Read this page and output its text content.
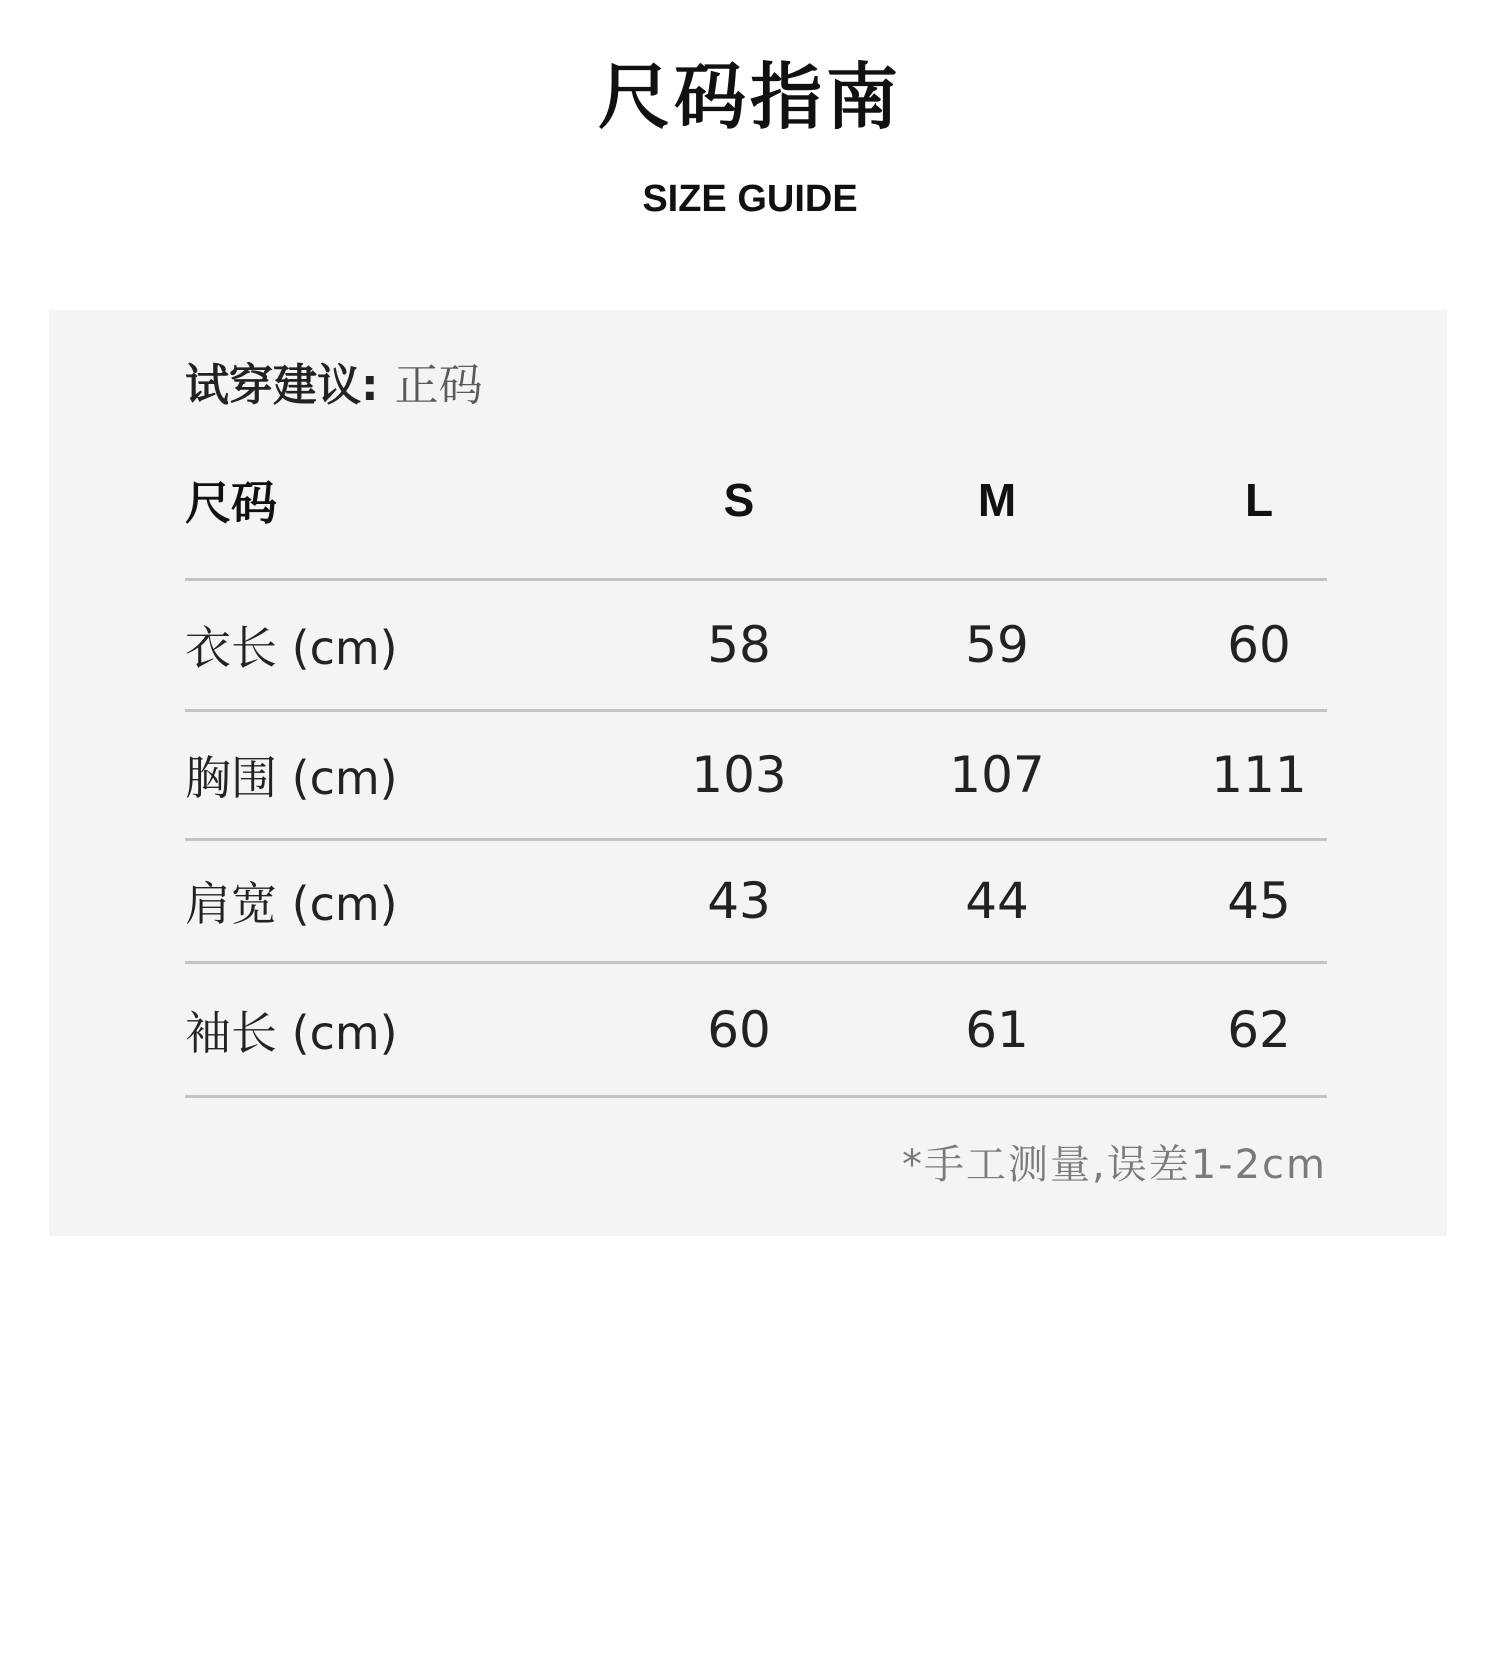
尺码指南
SIZE GUIDE
试穿建议: 正码
尺码	S	M	L
衣长 (cm)	58	59	60
胸围 (cm)	103	107	111
肩宽 (cm)	43	44	45
袖长 (cm)	60	61	62
*手工测量,误差1-2cm
